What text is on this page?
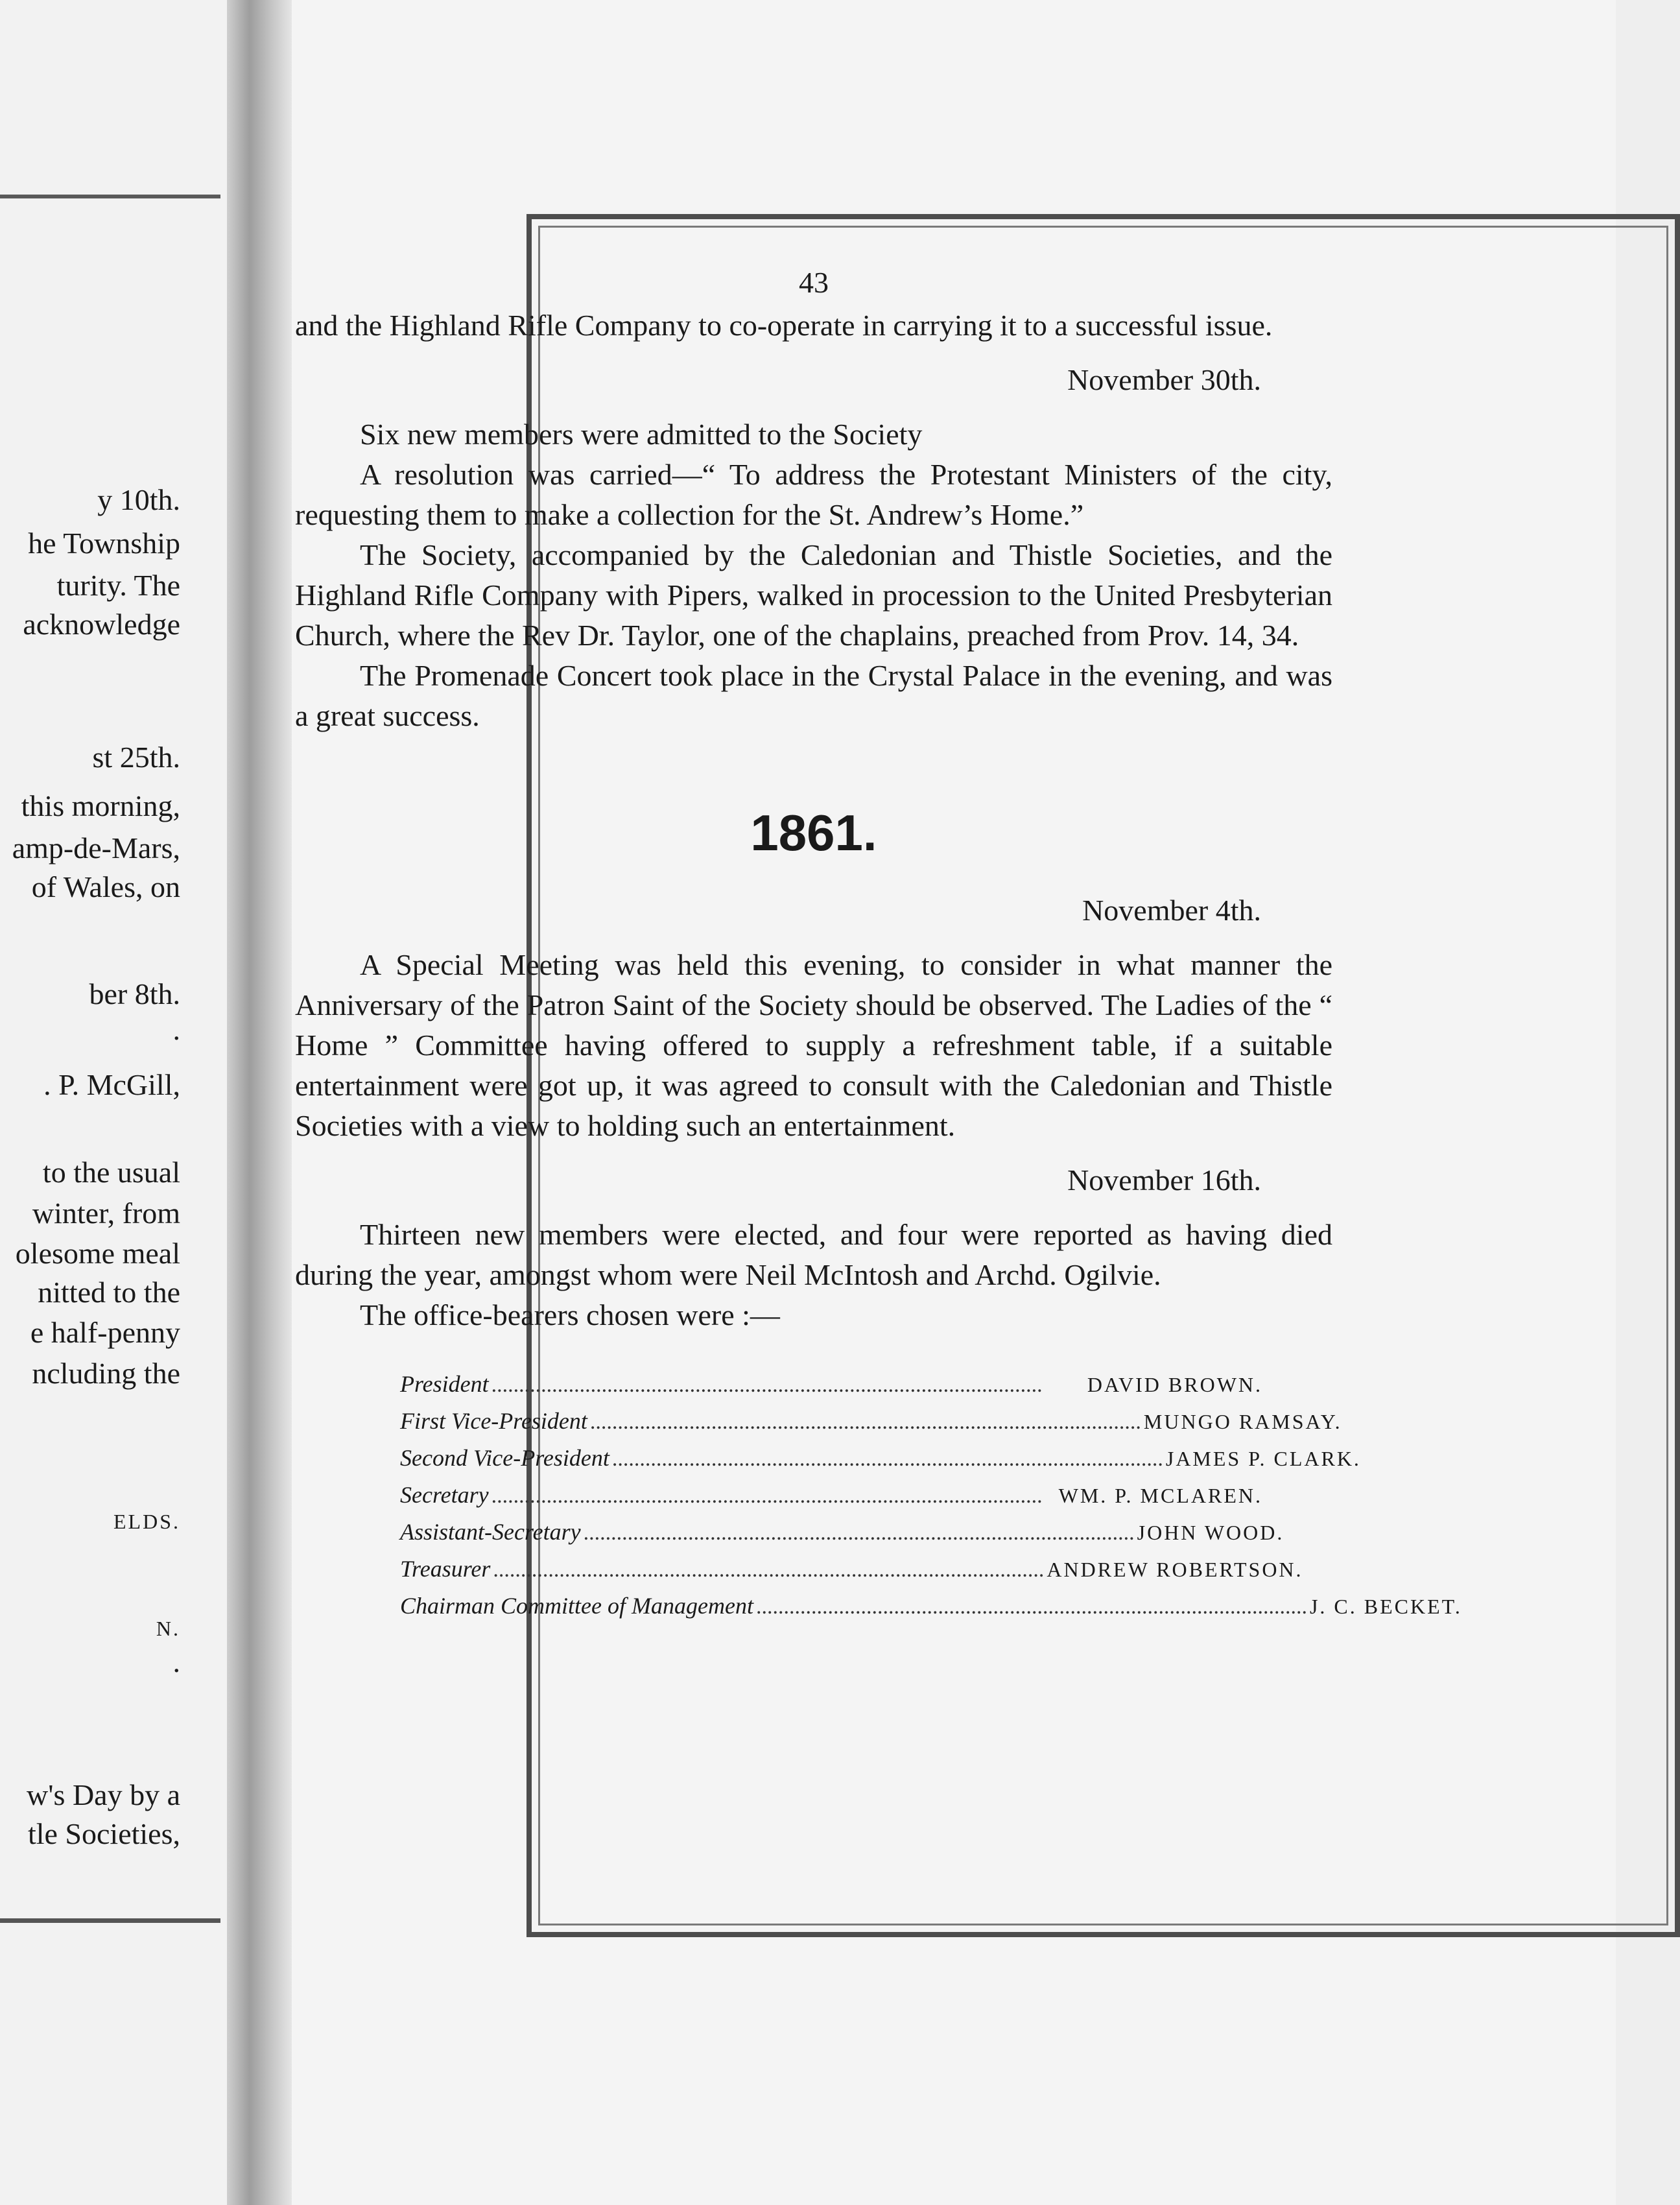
y 10th.
he Township
turity. The
acknowledge
st 25th.
this morning,
amp-de-Mars,
of Wales, on
ber 8th.
.
. P. McGill,
to the usual
winter, from
olesome meal
nitted to the
e half-penny
ncluding the
ELDS.
N.
.
w's Day by a
tle Societies,
43

and the Highland Rifle Company to co-operate in carrying it to a successful issue.

November 30th.

Six new members were admitted to the Society

A resolution was carried—“ To address the Protestant Ministers of the city, requesting them to make a collection for the St. Andrew’s Home.”

The Society, accompanied by the Caledonian and Thistle Societies, and the Highland Rifle Company with Pipers, walked in procession to the United Presbyterian Church, where the Rev Dr. Taylor, one of the chaplains, preached from Prov. 14, 34.

The Promenade Concert took place in the Crystal Palace in the evening, and was a great success.

1861.
November 4th.

A Special Meeting was held this evening, to consider in what manner the Anniversary of the Patron Saint of the Society should be observed. The Ladies of the “ Home ” Committee having offered to supply a refreshment table, if a suitable entertainment were got up, it was agreed to consult with the Caledonian and Thistle Societies with a view to holding such an entertainment.

November 16th.

Thirteen new members were elected, and four were reported as having died during the year, amongst whom were Neil McIntosh and Archd. Ogilvie.

The office-bearers chosen were :—

President ....................................................................................................	DAVID BROWN.
First Vice-President .................................................................................................... MUNGO RAMSAY.
Second Vice-President .................................................................................................... JAMES P. CLARK.
Secretary .................................................................................................... WM. P. MCLAREN.
Assistant-Secretary .................................................................................................... JOHN WOOD.
Treasurer .................................................................................................... ANDREW ROBERTSON.
Chairman Committee of Management .................................................................................................... J. C. BECKET.
